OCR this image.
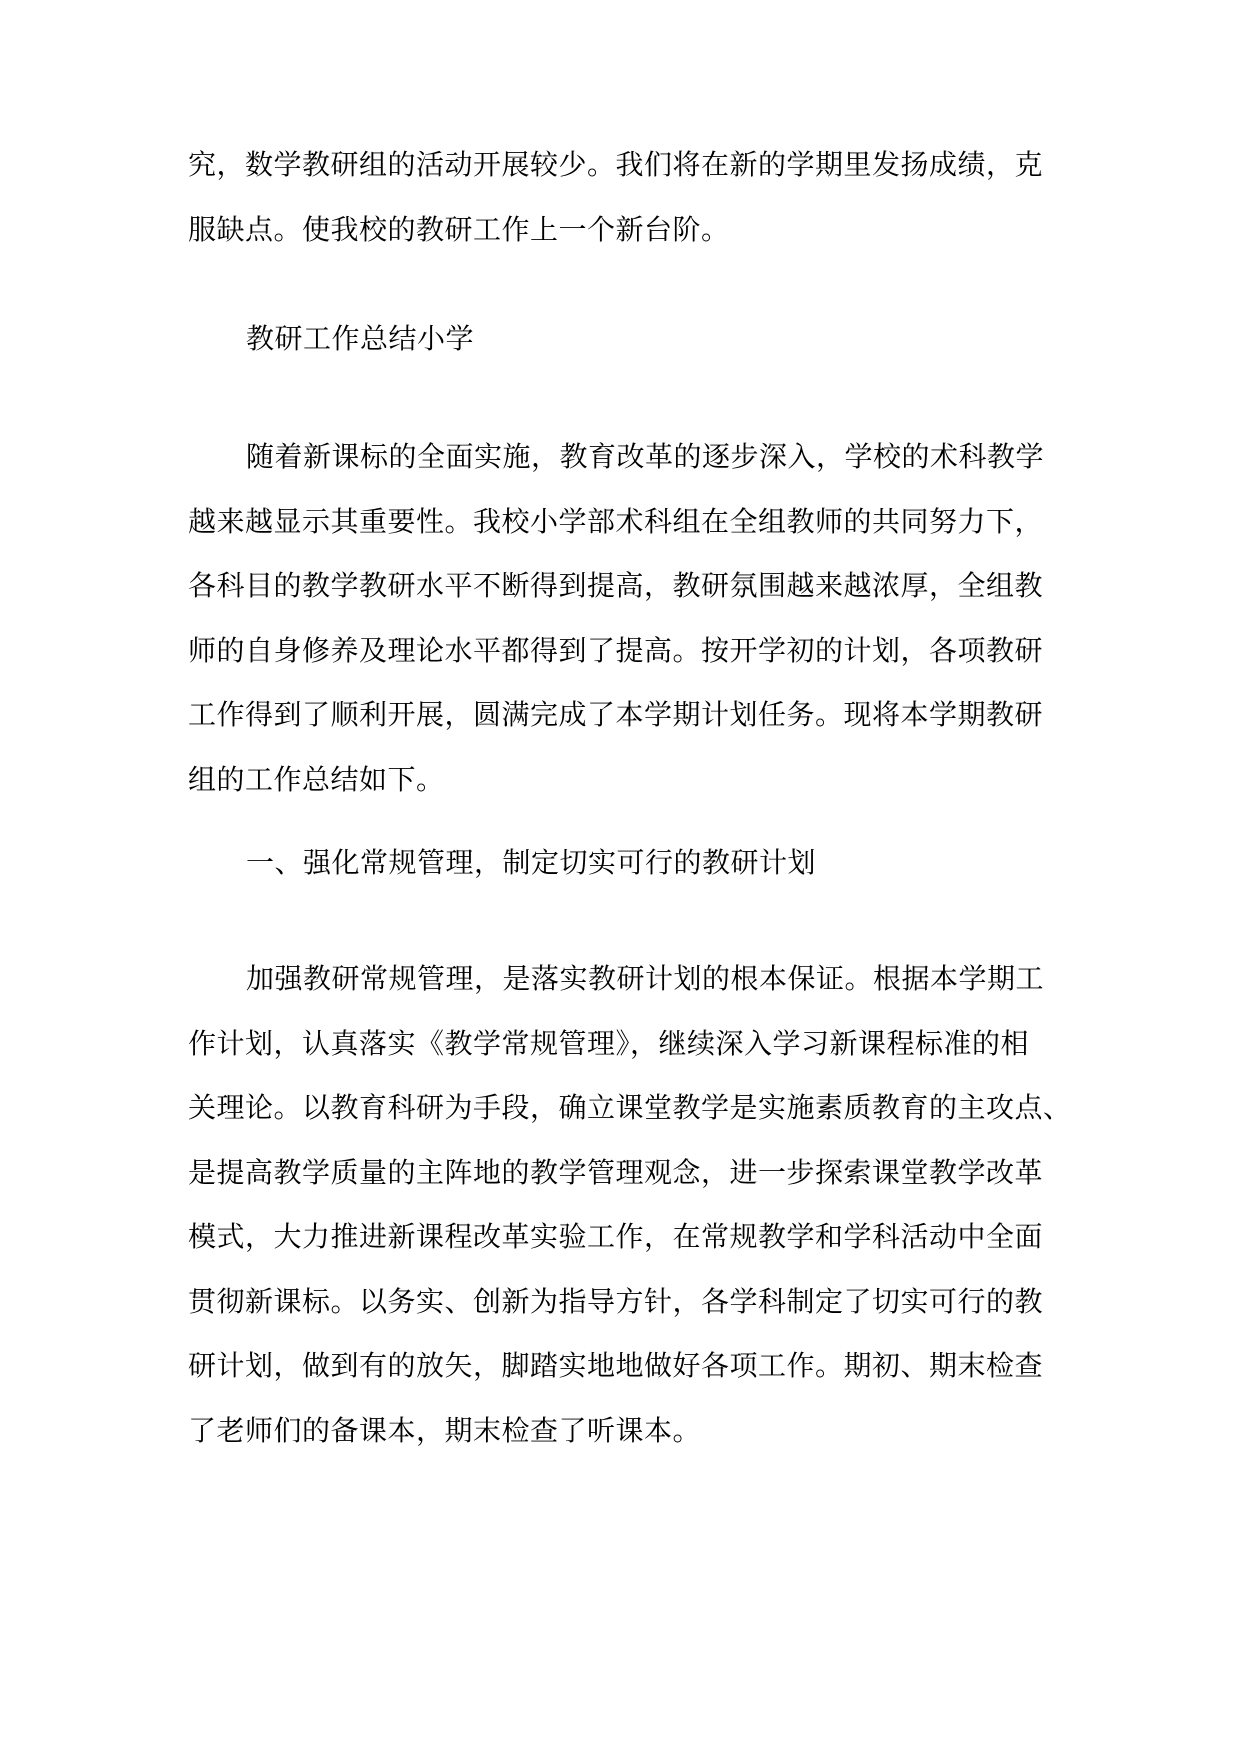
究，数学教研组的活动开展较少。我们将在新的学期里发扬成绩，克
服缺点。使我校的教研工作上一个新台阶。
教研工作总结小学
随着新课标的全面实施，教育改革的逐步深入，学校的术科教学
越来越显示其重要性。我校小学部术科组在全组教师的共同努力下，
各科目的教学教研水平不断得到提高，教研氛围越来越浓厚，全组教
师的自身修养及理论水平都得到了提高。按开学初的计划，各项教研
工作得到了顺利开展，圆满完成了本学期计划任务。现将本学期教研
组的工作总结如下。
一、强化常规管理，制定切实可行的教研计划
加强教研常规管理，是落实教研计划的根本保证。根据本学期工
作计划，认真落实《教学常规管理》，继续深入学习新课程标准的相
关理论。以教育科研为手段，确立课堂教学是实施素质教育的主攻点、
是提高教学质量的主阵地的教学管理观念，进一步探索课堂教学改革
模式，大力推进新课程改革实验工作，在常规教学和学科活动中全面
贯彻新课标。以务实、创新为指导方针，各学科制定了切实可行的教
研计划，做到有的放矢，脚踏实地地做好各项工作。期初、期末检查
了老师们的备课本，期末检查了听课本。
